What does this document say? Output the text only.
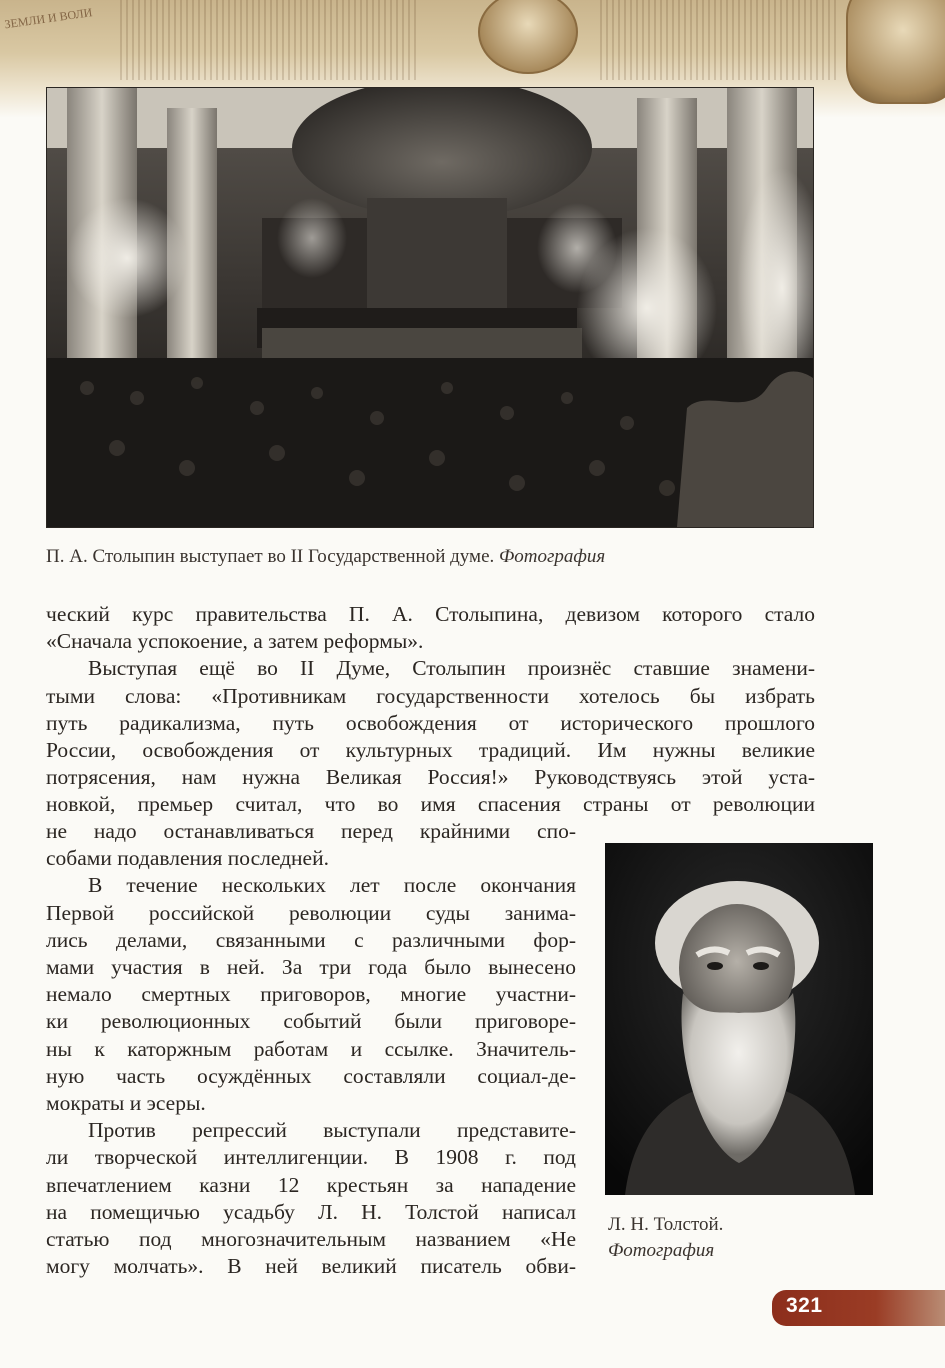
ЗЕМЛИ И ВОЛИ
П. А. Столыпин выступает во II Государственной думе. Фотография

ческий курс правительства П. А. Столыпина, девизом которого стало

«Сначала успокоение, а затем реформы».

Выступая ещё во II Думе, Столыпин произнёс ставшие знамени-

тыми слова: «Противникам государственности хотелось бы избрать

путь радикализма, путь освобождения от исторического прошлого

России, освобождения от культурных традиций. Им нужны великие

потрясения, нам нужна Великая Россия!» Руководствуясь этой уста-

новкой, премьер считал, что во имя спасения страны от революции

не надо останавливаться перед крайними спо-

собами подавления последней.

В течение нескольких лет после окончания

Первой российской революции суды занима-

лись делами, связанными с различными фор-

мами участия в ней. За три года было вынесено

немало смертных приговоров, многие участни-

ки революционных событий были приговоре-

ны к каторжным работам и ссылке. Значитель-

ную часть осуждённых составляли социал-де-

мократы и эсеры.

Против репрессий выступали представите-

ли творческой интеллигенции. В 1908 г. под

впечатлением казни 12 крестьян за нападение

на помещичью усадьбу Л. Н. Толстой написал

статью под многозначительным названием «Не

могу молчать». В ней великий писатель обви-

Л. Н. Толстой.
Фотография
321
